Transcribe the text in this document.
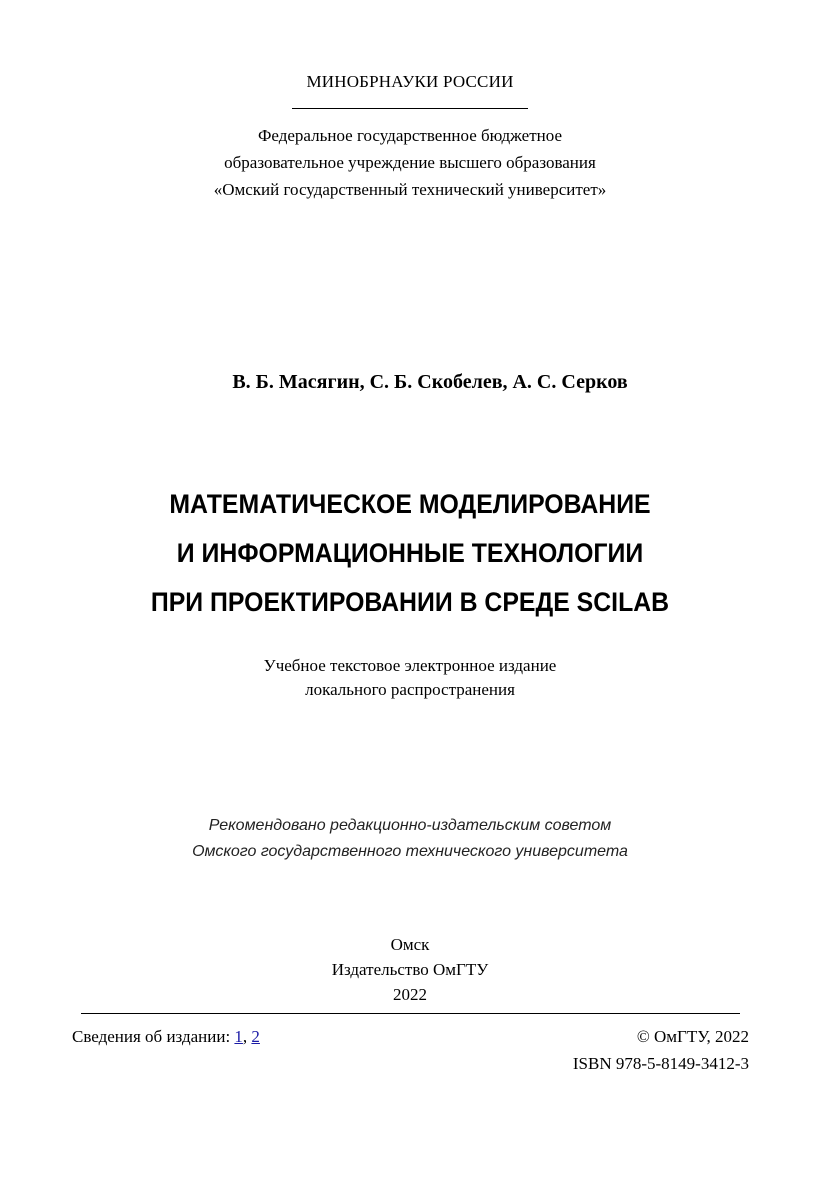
МИНОБРНАУКИ РОССИИ
Федеральное государственное бюджетное
образовательное учреждение высшего образования
«Омский государственный технический университет»
В. Б. Масягин, С. Б. Скобелев, А. С. Серков
МАТЕМАТИЧЕСКОЕ МОДЕЛИРОВАНИЕ
И ИНФОРМАЦИОННЫЕ ТЕХНОЛОГИИ
ПРИ ПРОЕКТИРОВАНИИ В СРЕДЕ SCILAB
Учебное текстовое электронное издание
локального распространения
Рекомендовано редакционно-издательским советом
Омского государственного технического университета
Омск
Издательство ОмГТУ
2022
Сведения об издании: 1, 2	© ОмГТУ, 2022
ISBN 978-5-8149-3412-3
